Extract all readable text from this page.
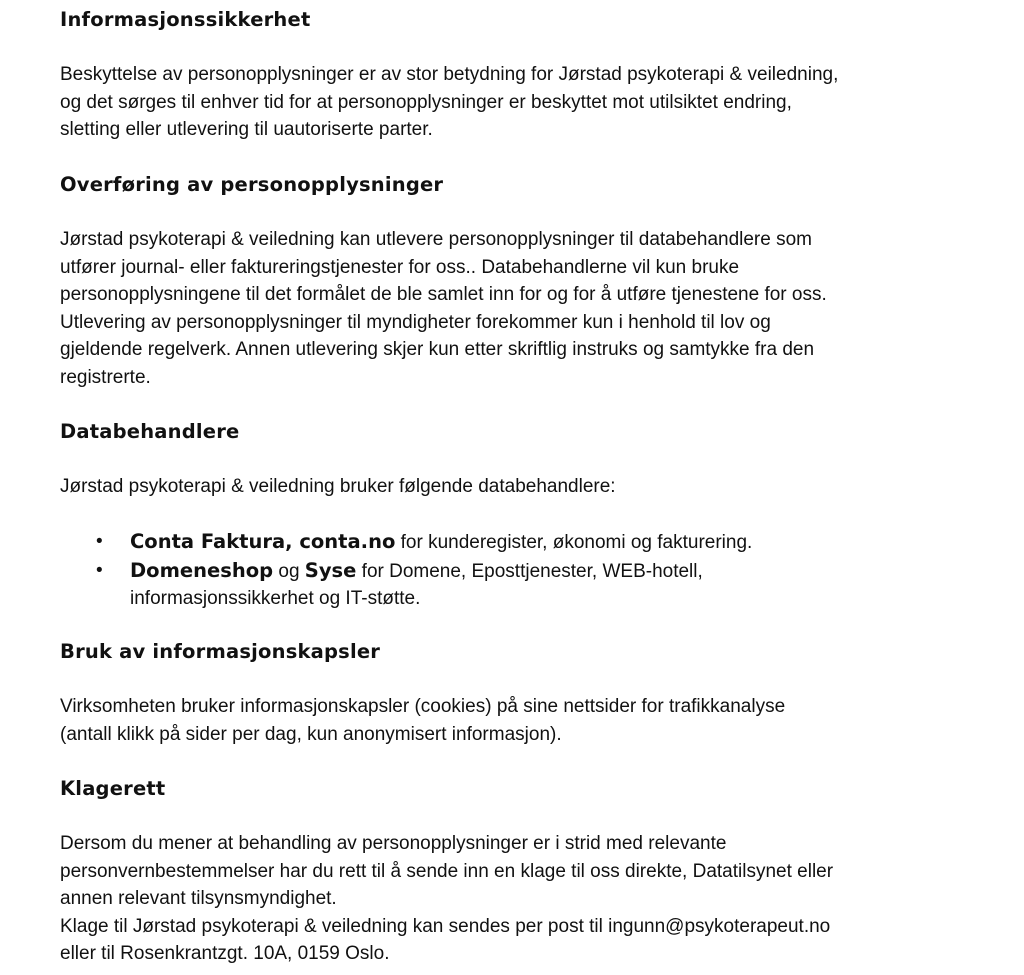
Informasjonssikkerhet

Beskyttelse av personopplysninger er av stor betydning for Jørstad psykoterapi & veiledning,

og det sørges til enhver tid for at personopplysninger er beskyttet mot utilsiktet endring,

sletting eller utlevering til uautoriserte parter.

Overføring av personopplysninger

Jørstad psykoterapi & veiledning kan utlevere personopplysninger til databehandlere som

utfører journal- eller faktureringstjenester for oss.. Databehandlerne vil kun bruke

personopplysningene til det formålet de ble samlet inn for og for å utføre tjenestene for oss.

Utlevering av personopplysninger til myndigheter forekommer kun i henhold til lov og

gjeldende regelverk. Annen utlevering skjer kun etter skriftlig instruks og samtykke fra den

registrerte.

Databehandlere

Jørstad psykoterapi & veiledning bruker følgende databehandlere:

• Conta Faktura, conta.no for kunderegister, økonomi og fakturering.
• Domeneshop og Syse for Domene, Eposttjenester, WEB-hotell,
informasjonssikkerhet og IT-støtte.
Bruk av informasjonskapsler

Virksomheten bruker informasjonskapsler (cookies) på sine nettsider for trafikkanalyse

(antall klikk på sider per dag, kun anonymisert informasjon).

Klagerett

Dersom du mener at behandling av personopplysninger er i strid med relevante

personvernbestemmelser har du rett til å sende inn en klage til oss direkte, Datatilsynet eller

annen relevant tilsynsmyndighet.

Klage til Jørstad psykoterapi & veiledning kan sendes per post til ingunn@psykoterapeut.no

eller til Rosenkrantzgt. 10A, 0159 Oslo.
